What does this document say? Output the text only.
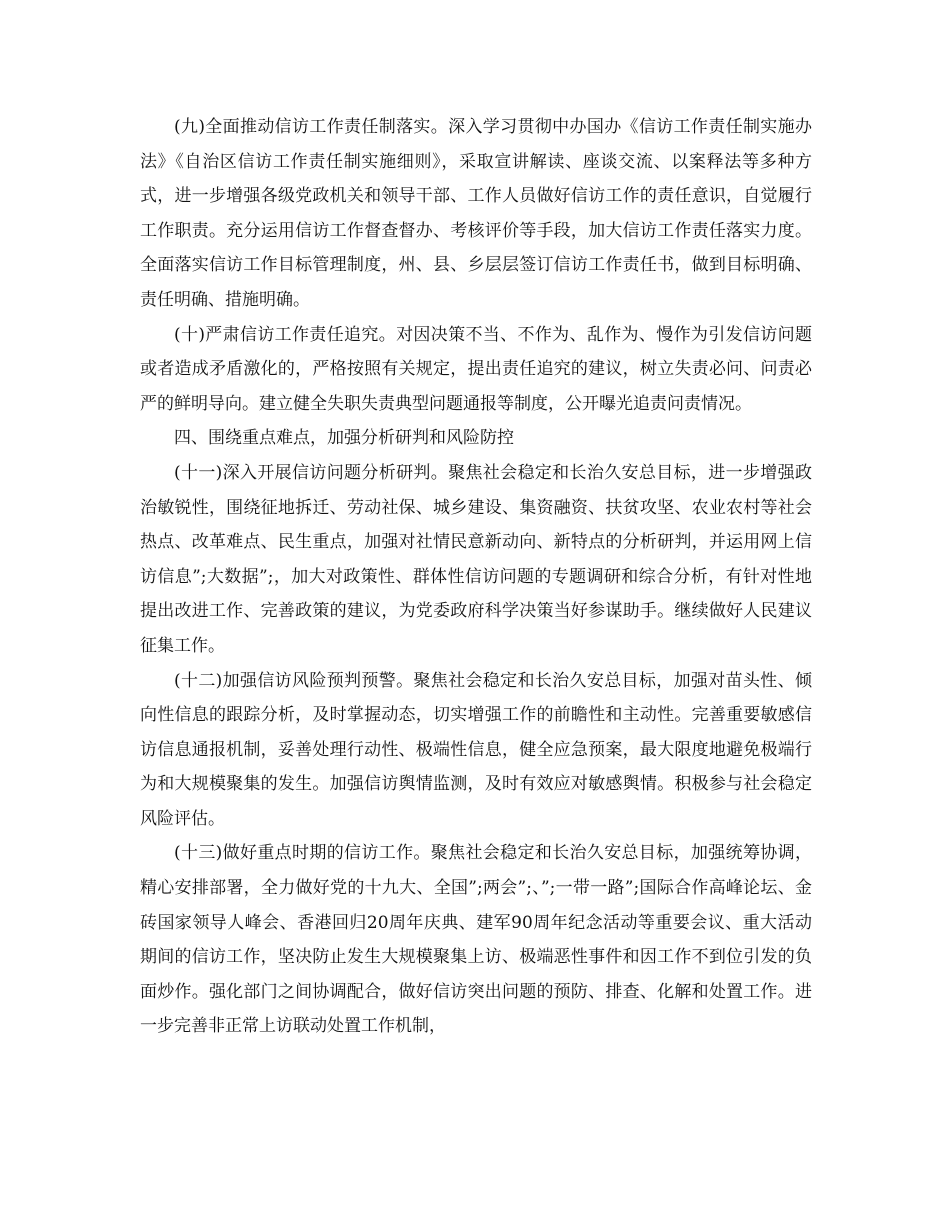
(九)全面推动信访工作责任制落实。深入学习贯彻中办国办《信访工作责任制实施办法》《自治区信访工作责任制实施细则》，采取宣讲解读、座谈交流、以案释法等多种方式，进一步增强各级党政机关和领导干部、工作人员做好信访工作的责任意识，自觉履行工作职责。充分运用信访工作督查督办、考核评价等手段，加大信访工作责任落实力度。全面落实信访工作目标管理制度，州、县、乡层层签订信访工作责任书，做到目标明确、责任明确、措施明确。

(十)严肃信访工作责任追究。对因决策不当、不作为、乱作为、慢作为引发信访问题或者造成矛盾激化的，严格按照有关规定，提出责任追究的建议，树立失责必问、问责必严的鲜明导向。建立健全失职失责典型问题通报等制度，公开曝光追责问责情况。

四、围绕重点难点，加强分析研判和风险防控

(十一)深入开展信访问题分析研判。聚焦社会稳定和长治久安总目标，进一步增强政治敏锐性，围绕征地拆迁、劳动社保、城乡建设、集资融资、扶贫攻坚、农业农村等社会热点、改革难点、民生重点，加强对社情民意新动向、新特点的分析研判，并运用网上信访信息”;大数据”;，加大对政策性、群体性信访问题的专题调研和综合分析，有针对性地提出改进工作、完善政策的建议，为党委政府科学决策当好参谋助手。继续做好人民建议征集工作。

(十二)加强信访风险预判预警。聚焦社会稳定和长治久安总目标，加强对苗头性、倾向性信息的跟踪分析，及时掌握动态，切实增强工作的前瞻性和主动性。完善重要敏感信访信息通报机制，妥善处理行动性、极端性信息，健全应急预案，最大限度地避免极端行为和大规模聚集的发生。加强信访舆情监测，及时有效应对敏感舆情。积极参与社会稳定风险评估。

(十三)做好重点时期的信访工作。聚焦社会稳定和长治久安总目标，加强统筹协调，精心安排部署，全力做好党的十九大、全国”;两会”;、”;一带一路”;国际合作高峰论坛、金砖国家领导人峰会、香港回归20周年庆典、建军90周年纪念活动等重要会议、重大活动期间的信访工作，坚决防止发生大规模聚集上访、极端恶性事件和因工作不到位引发的负面炒作。强化部门之间协调配合，做好信访突出问题的预防、排查、化解和处置工作。进一步完善非正常上访联动处置工作机制，
